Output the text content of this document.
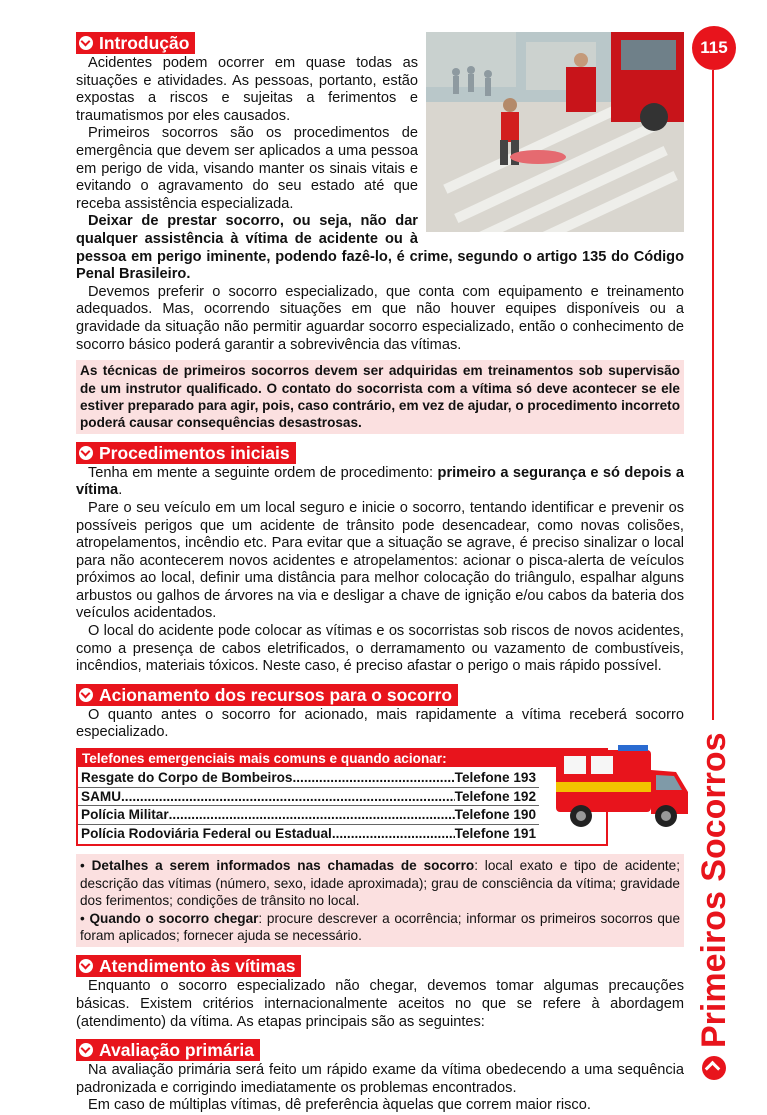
115
Primeiros Socorros
Introdução

Acidentes podem ocorrer em quase todas as situações e atividades. As pessoas, portanto, estão expostas a riscos e sujeitas a ferimentos e traumatismos por eles causados.

Primeiros socorros são os procedimentos de emergência que devem ser aplicados a uma pessoa em perigo de vida, visando manter os sinais vitais e evitando o agravamento do seu estado até que receba assistência especializada.

Deixar de prestar socorro, ou seja, não dar qualquer assistência à vítima de acidente ou à pessoa em perigo iminente, podendo fazê-lo, é crime, segundo o artigo 135 do Código Penal Brasileiro.

Devemos preferir o socorro especializado, que conta com equipamento e treinamento adequados. Mas, ocorrendo situações em que não houver equipes disponíveis ou a gravidade da situação não permitir aguardar socorro especializado, então o conhecimento de socorro básico poderá garantir a sobrevivência das vítimas.

As técnicas de primeiros socorros devem ser adquiridas em treinamentos sob supervisão de um instrutor qualificado. O contato do socorrista com a vítima só deve acontecer se ele estiver preparado para agir, pois, caso contrário, em vez de ajudar, o procedimento incorreto poderá causar consequências desastrosas.
Procedimentos iniciais

Tenha em mente a seguinte ordem de procedimento: primeiro a segurança e só depois a vítima.

Pare o seu veículo em um local seguro e inicie o socorro, tentando identificar e prevenir os possíveis perigos que um acidente de trânsito pode desencadear, como novas colisões, atropelamentos, incêndio etc. Para evitar que a situação se agrave, é preciso sinalizar o local para não acontecerem novos acidentes e atropelamentos: acionar o pisca-alerta de veículos próximos ao local, definir uma distância para melhor colocação do triângulo, espalhar alguns arbustos ou galhos de árvores na via e desligar a chave de ignição e/ou cabos da bateria dos veículos acidentados.

O local do acidente pode colocar as vítimas e os socorristas sob riscos de novos acidentes, como a presença de cabos eletrificados, o derramamento ou vazamento de combustíveis, incêndios, materiais tóxicos. Neste caso, é preciso afastar o perigo o mais rápido possível.

Acionamento dos recursos para o socorro

O quanto antes o socorro for acionado, mais rapidamente a vítima receberá socorro especializado.

Telefones emergenciais mais comuns e quando acionar:
Resgate do Corpo de Bombeiros .....	Telefone 193
SAMU .....	Telefone 192
Polícia Militar .....	Telefone 190
Polícia Rodoviária Federal ou Estadual .....	Telefone 191
• Detalhes a serem informados nas chamadas de socorro: local exato e tipo de acidente; descrição das vítimas (número, sexo, idade aproximada); grau de consciência da vítima; gravidade dos ferimentos; condições de trânsito no local.
• Quando o socorro chegar: procure descrever a ocorrência; informar os primeiros socorros que foram aplicados; fornecer ajuda se necessário.
Atendimento às vítimas

Enquanto o socorro especializado não chegar, devemos tomar algumas precauções básicas. Existem critérios internacionalmente aceitos no que se refere à abordagem (atendimento) da vítima. As etapas principais são as seguintes:

Avaliação primária

Na avaliação primária será feito um rápido exame da vítima obedecendo a uma sequência padronizada e corrigindo imediatamente os problemas encontrados.

Em caso de múltiplas vítimas, dê preferência àquelas que correm maior risco.
